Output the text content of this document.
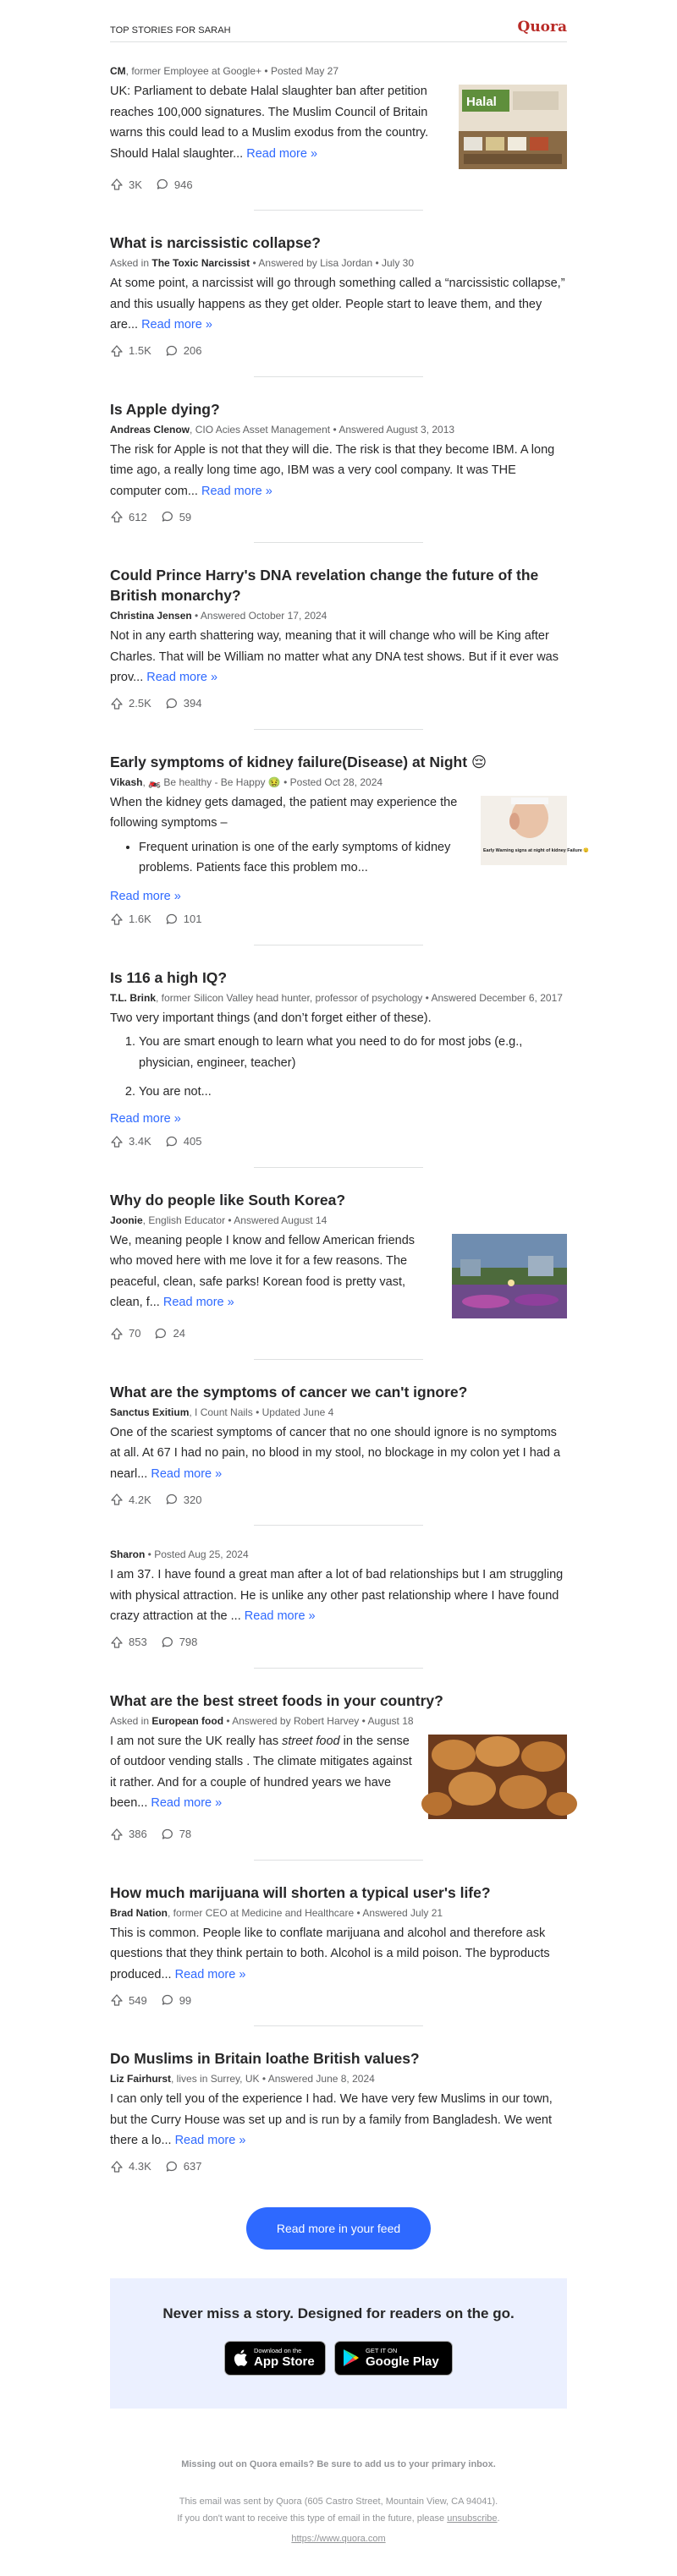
TOP STORIES FOR SARAH	Quora
CM, former Employee at Google+ • Posted May 27
UK: Parliament to debate Halal slaughter ban after petition reaches 100,000 signatures. The Muslim Council of Britain warns this could lead to a Muslim exodus from the country. Should Halal slaughter... Read more »
Halal
3K	946
What is narcissistic collapse?
Asked in The Toxic Narcissist • Answered by Lisa Jordan • July 30
At some point, a narcissist will go through something called a “narcissistic collapse,” and this usually happens as they get older. People start to leave them, and they are... Read more »
1.5K	206
Is Apple dying?
Andreas Clenow, CIO Acies Asset Management • Answered August 3, 2013
The risk for Apple is not that they will die. The risk is that they become IBM. A long time ago, a really long time ago, IBM was a very cool company. It was THE computer com... Read more »
612	59
Could Prince Harry's DNA revelation change the future of the British monarchy?
Christina Jensen • Answered October 17, 2024
Not in any earth shattering way, meaning that it will change who will be King after Charles. That will be William no matter what any DNA test shows. But if it ever was prov... Read more »
2.5K	394
Early symptoms of kidney failure(Disease) at Night 😔
Vikash, 🏍️ Be healthy - Be Happy 🤢 • Posted Oct 28, 2024
When the kidney gets damaged, the patient may experience the following symptoms –
• Frequent urination is one of the early symptoms of kidney problems. Patients face this problem mo...
Early Warning signs at night of kidney Failure 😟
Read more »
1.6K	101
Is 116 a high IQ?
T.L. Brink, former Silicon Valley head hunter, professor of psychology • Answered December 6, 2017
Two very important things (and don’t forget either of these).
1. You are smart enough to learn what you need to do for most jobs (e.g., physician, engineer, teacher)
2. You are not...
Read more »
3.4K	405
Why do people like South Korea?
Joonie, English Educator • Answered August 14
We, meaning people I know and fellow American friends who moved here with me love it for a few reasons. The peaceful, clean, safe parks! Korean food is pretty vast, clean, f... Read more »
70	24
What are the symptoms of cancer we can't ignore?
Sanctus Exitium, I Count Nails • Updated June 4
One of the scariest symptoms of cancer that no one should ignore is no symptoms at all. At 67 I had no pain, no blood in my stool, no blockage in my colon yet I had a nearl... Read more »
4.2K	320
Sharon • Posted Aug 25, 2024
I am 37. I have found a great man after a lot of bad relationships but I am struggling with physical attraction. He is unlike any other past relationship where I have found crazy attraction at the ... Read more »
853	798
What are the best street foods in your country?
Asked in European food • Answered by Robert Harvey • August 18
I am not sure the UK really has street food in the sense of outdoor vending stalls . The climate mitigates against it rather. And for a couple of hundred years we have been... Read more »
386	78
How much marijuana will shorten a typical user's life?
Brad Nation, former CEO at Medicine and Healthcare • Answered July 21
This is common. People like to conflate marijuana and alcohol and therefore ask questions that they think pertain to both. Alcohol is a mild poison. The byproducts produced... Read more »
549	99
Do Muslims in Britain loathe British values?
Liz Fairhurst, lives in Surrey, UK • Answered June 8, 2024
I can only tell you of the experience I had. We have very few Muslims in our town, but the Curry House was set up and is run by a family from Bangladesh. We went there a lo... Read more »
4.3K	637
Read more in your feed
Never miss a story. Designed for readers on the go.
Download on the
App Store
GET IT ON
Google Play
Missing out on Quora emails? Be sure to add us to your primary inbox.
This email was sent by Quora (605 Castro Street, Mountain View, CA 94041).
If you don't want to receive this type of email in the future, please unsubscribe.
https://www.quora.com
